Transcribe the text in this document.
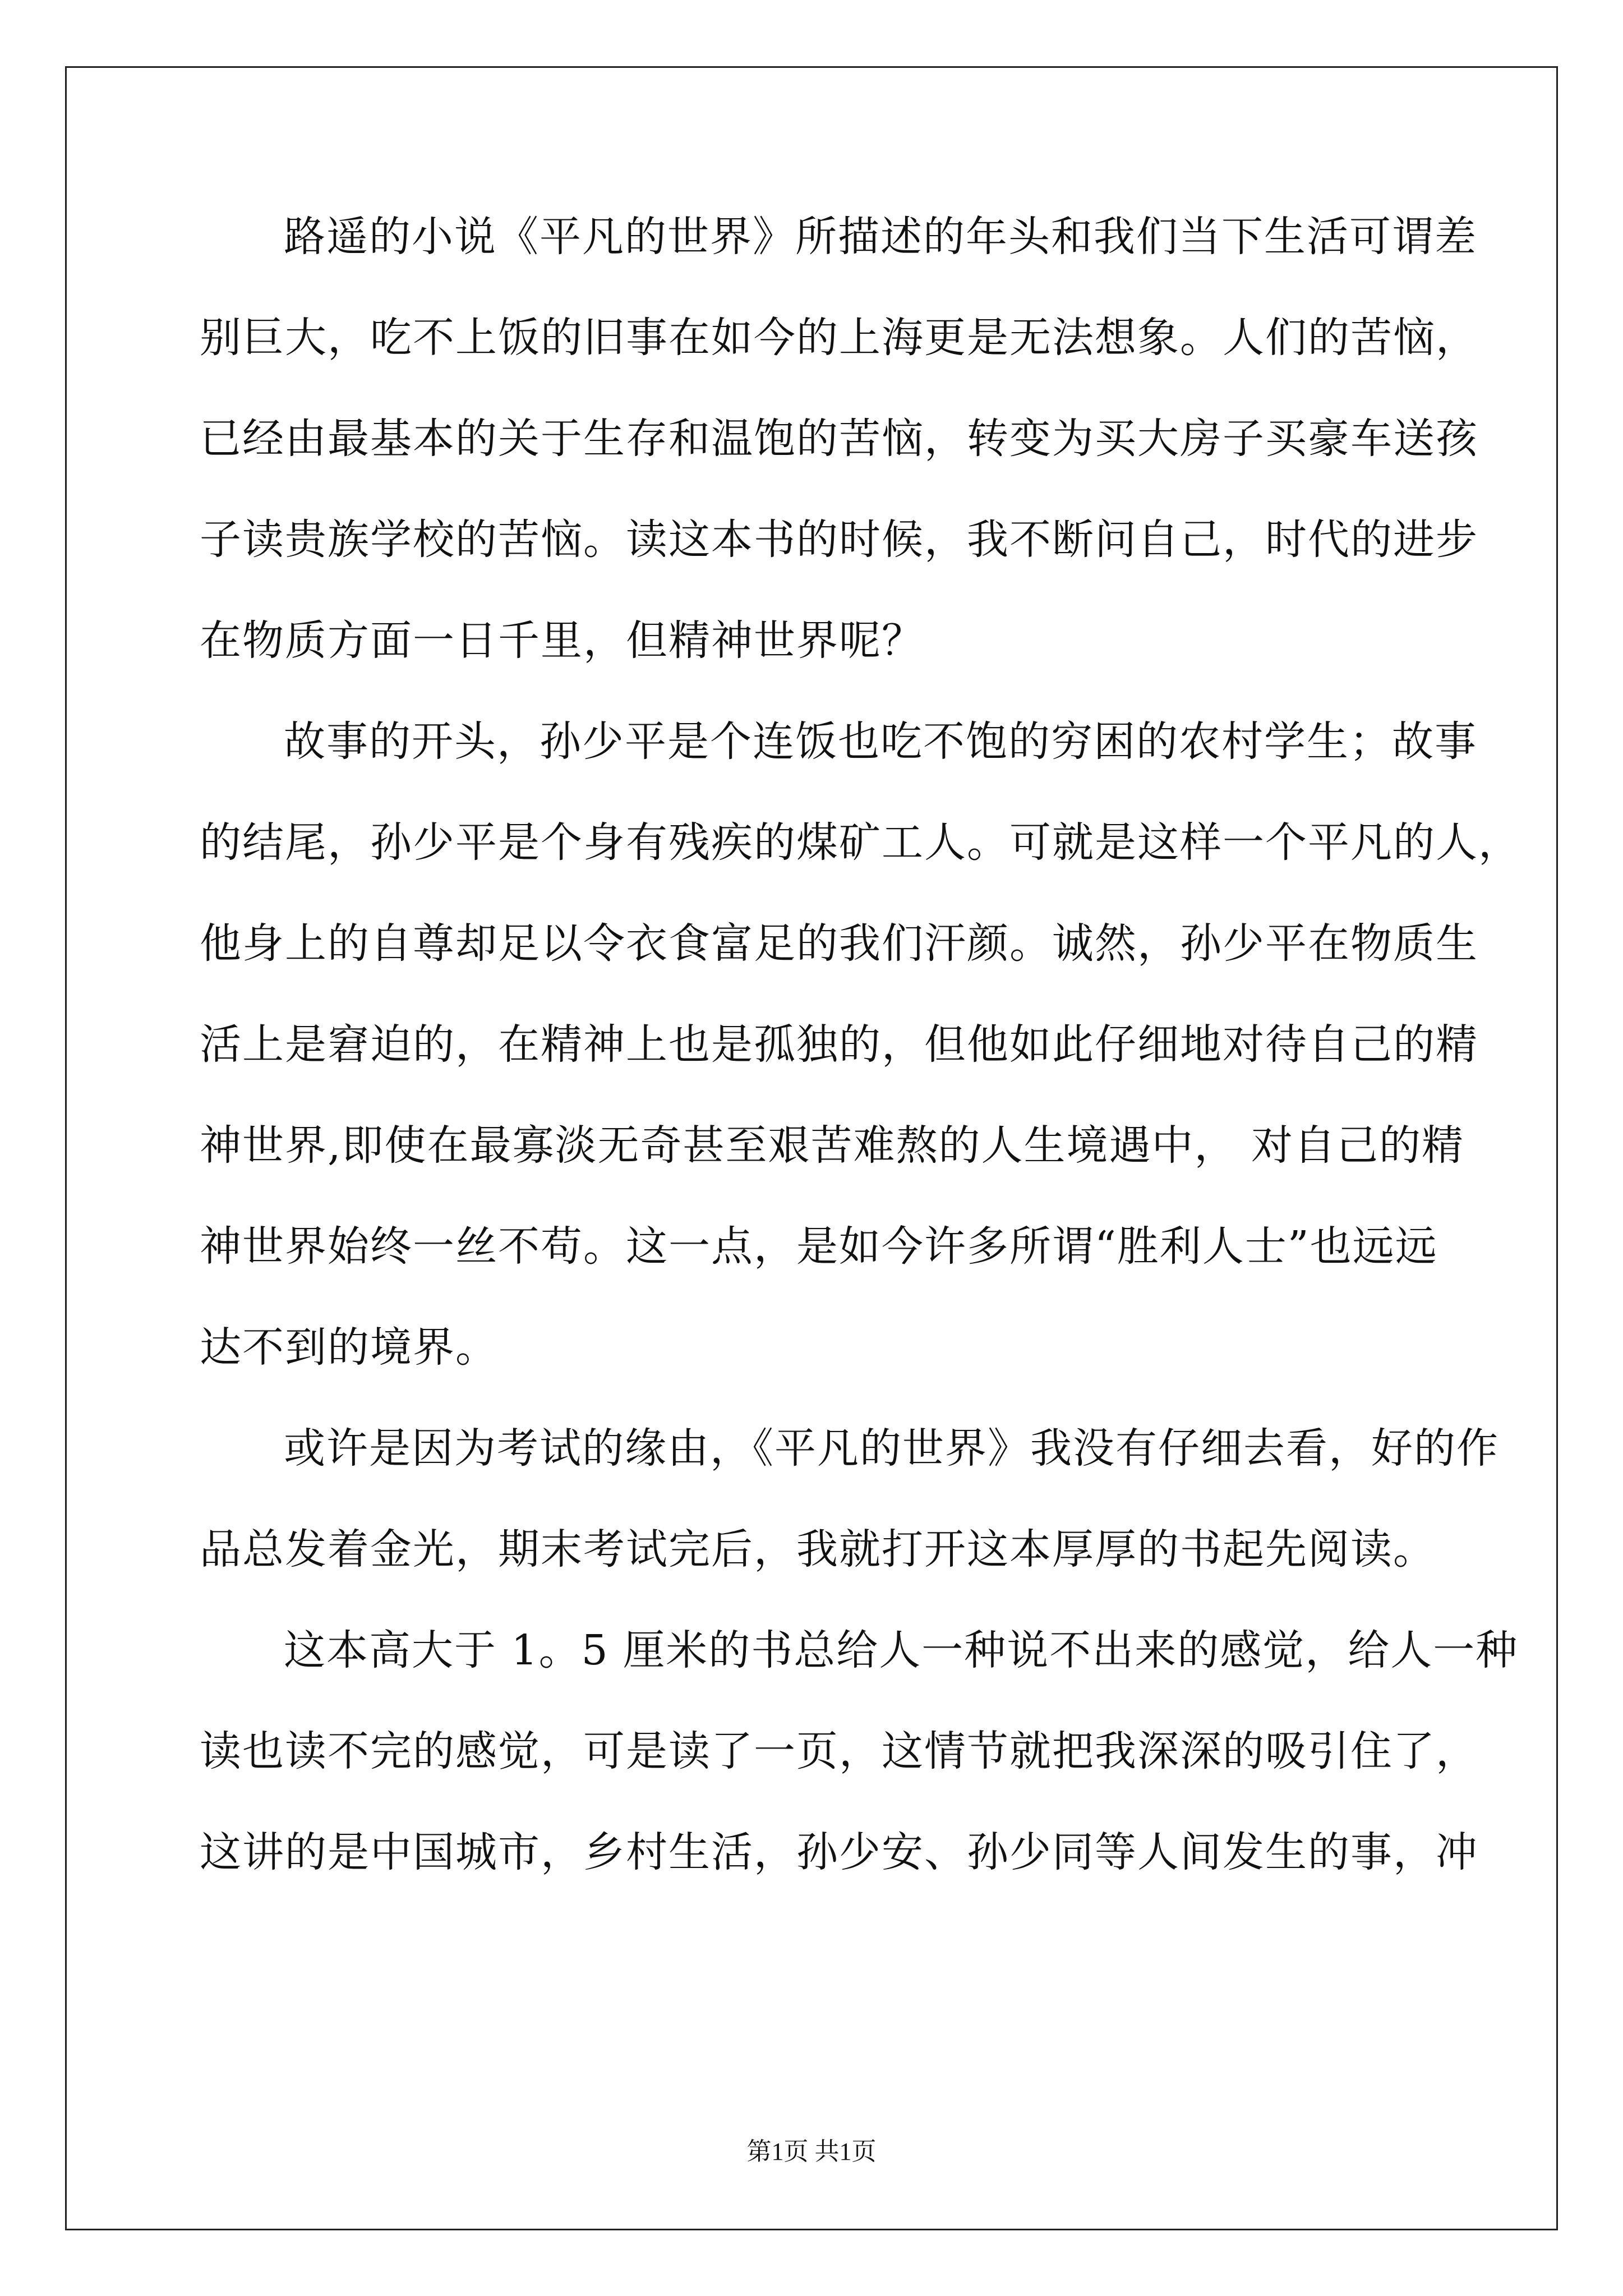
路遥的小说《平凡的世界》所描述的年头和我们当下生活可谓差
别巨大，吃不上饭的旧事在如今的上海更是无法想象。人们的苦恼，
已经由最基本的关于生存和温饱的苦恼，转变为买大房子买豪车送孩
子读贵族学校的苦恼。读这本书的时候，我不断问自己，时代的进步
在物质方面一日千里，但精神世界呢？
故事的开头，孙少平是个连饭也吃不饱的穷困的农村学生；故事
的结尾，孙少平是个身有残疾的煤矿工人。可就是这样一个平凡的人，
他身上的自尊却足以令衣食富足的我们汗颜。诚然，孙少平在物质生
活上是窘迫的，在精神上也是孤独的，但他如此仔细地对待自己的精
神世界,即使在最寡淡无奇甚至艰苦难熬的人生境遇中， 对自己的精
神世界始终一丝不苟。这一点，是如今许多所谓“胜利人士”也远远
达不到的境界。
或许是因为考试的缘由，《平凡的世界》我没有仔细去看，好的作
品总发着金光，期末考试完后，我就打开这本厚厚的书起先阅读。
这本高大于 1。5 厘米的书总给人一种说不出来的感觉，给人一种
读也读不完的感觉，可是读了一页，这情节就把我深深的吸引住了，
这讲的是中国城市，乡村生活，孙少安、孙少同等人间发生的事，冲
第1页 共1页
